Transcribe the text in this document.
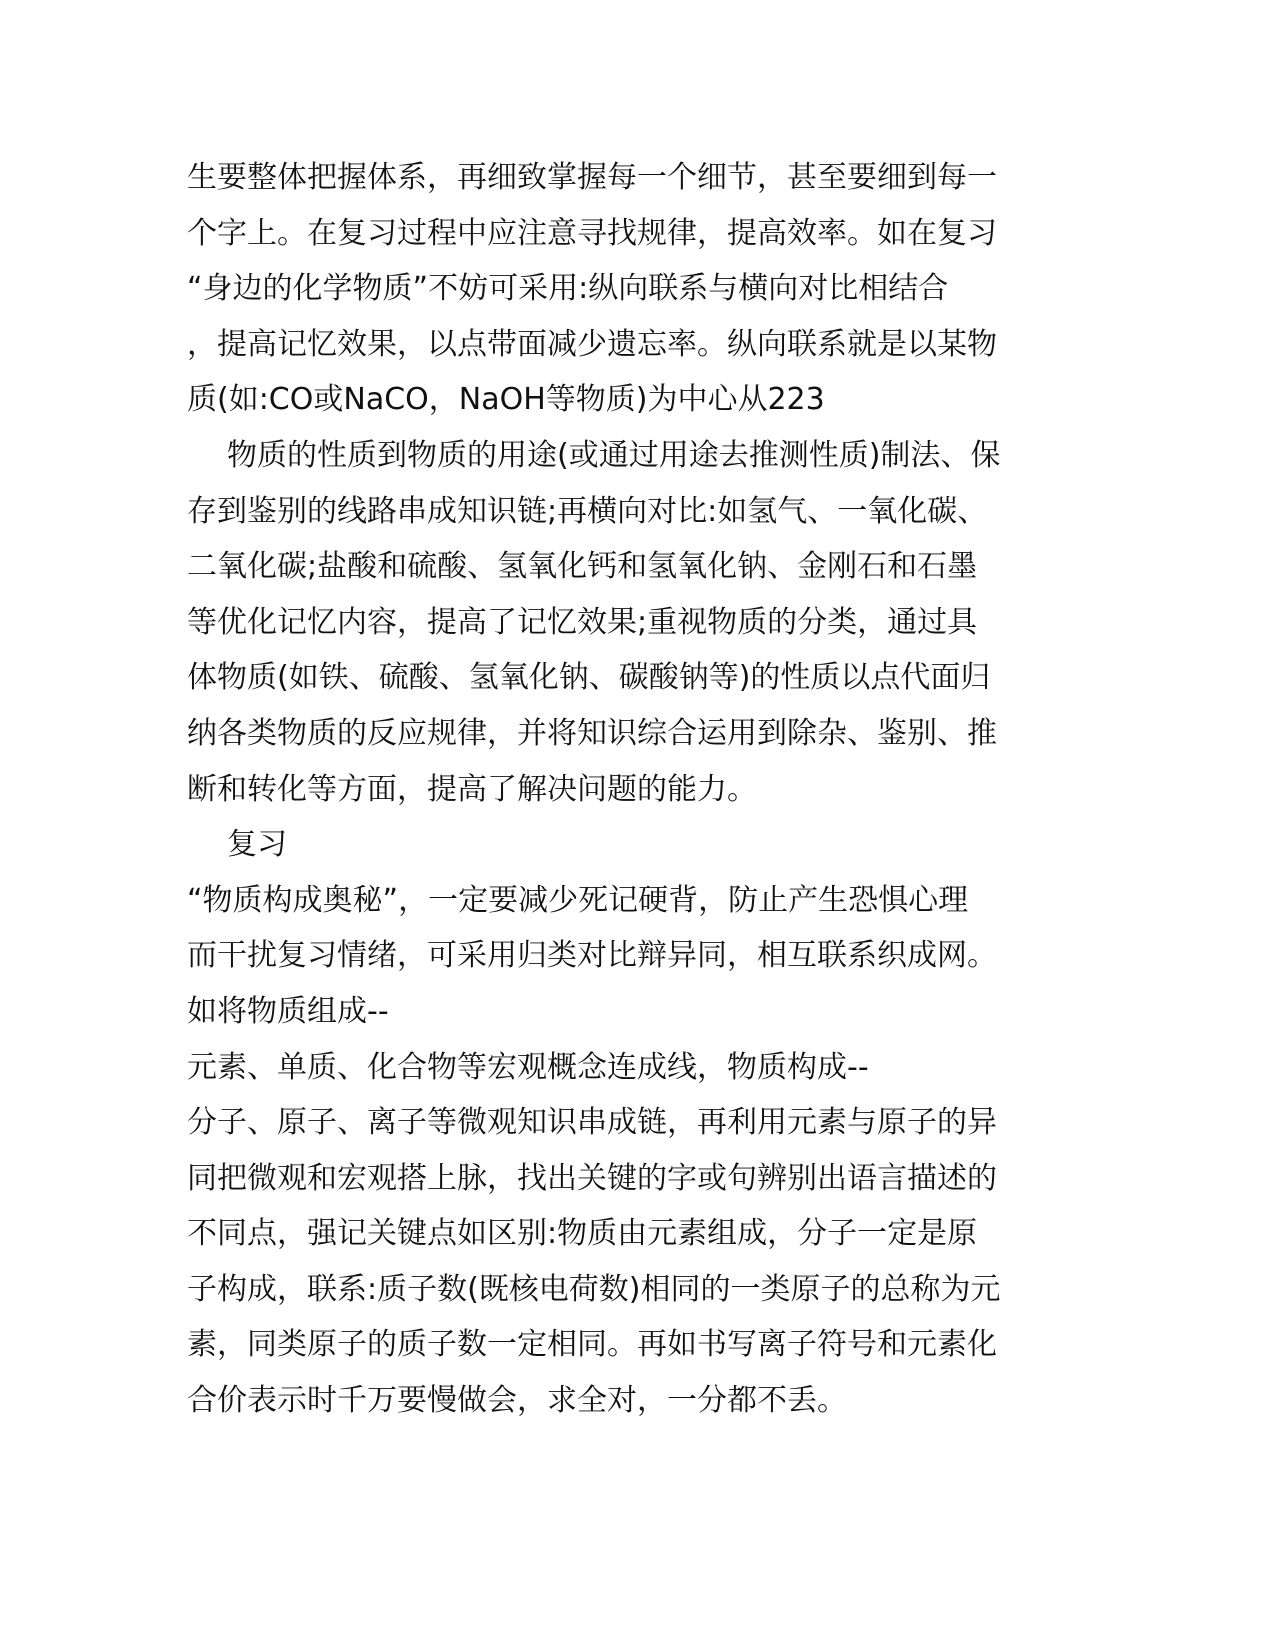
生要整体把握体系，再细致掌握每一个细节，甚至要细到每一
个字上。在复习过程中应注意寻找规律，提高效率。如在复习
“身边的化学物质”不妨可采用:纵向联系与横向对比相结合
，提高记忆效果，以点带面减少遗忘率。纵向联系就是以某物
质(如:CO或NaCO，NaOH等物质)为中心从223
物质的性质到物质的用途(或通过用途去推测性质)制法、保
存到鉴别的线路串成知识链;再横向对比:如氢气、一氧化碳、
二氧化碳;盐酸和硫酸、氢氧化钙和氢氧化钠、金刚石和石墨
等优化记忆内容，提高了记忆效果;重视物质的分类，通过具
体物质(如铁、硫酸、氢氧化钠、碳酸钠等)的性质以点代面归
纳各类物质的反应规律，并将知识综合运用到除杂、鉴别、推
断和转化等方面，提高了解决问题的能力。
复习
“物质构成奥秘”，一定要减少死记硬背，防止产生恐惧心理
而干扰复习情绪，可采用归类对比辩异同，相互联系织成网。
如将物质组成--
元素、单质、化合物等宏观概念连成线，物质构成--
分子、原子、离子等微观知识串成链，再利用元素与原子的异
同把微观和宏观搭上脉，找出关键的字或句辨别出语言描述的
不同点，强记关键点如区别:物质由元素组成，分子一定是原
子构成，联系:质子数(既核电荷数)相同的一类原子的总称为元
素，同类原子的质子数一定相同。再如书写离子符号和元素化
合价表示时千万要慢做会，求全对，一分都不丢。
